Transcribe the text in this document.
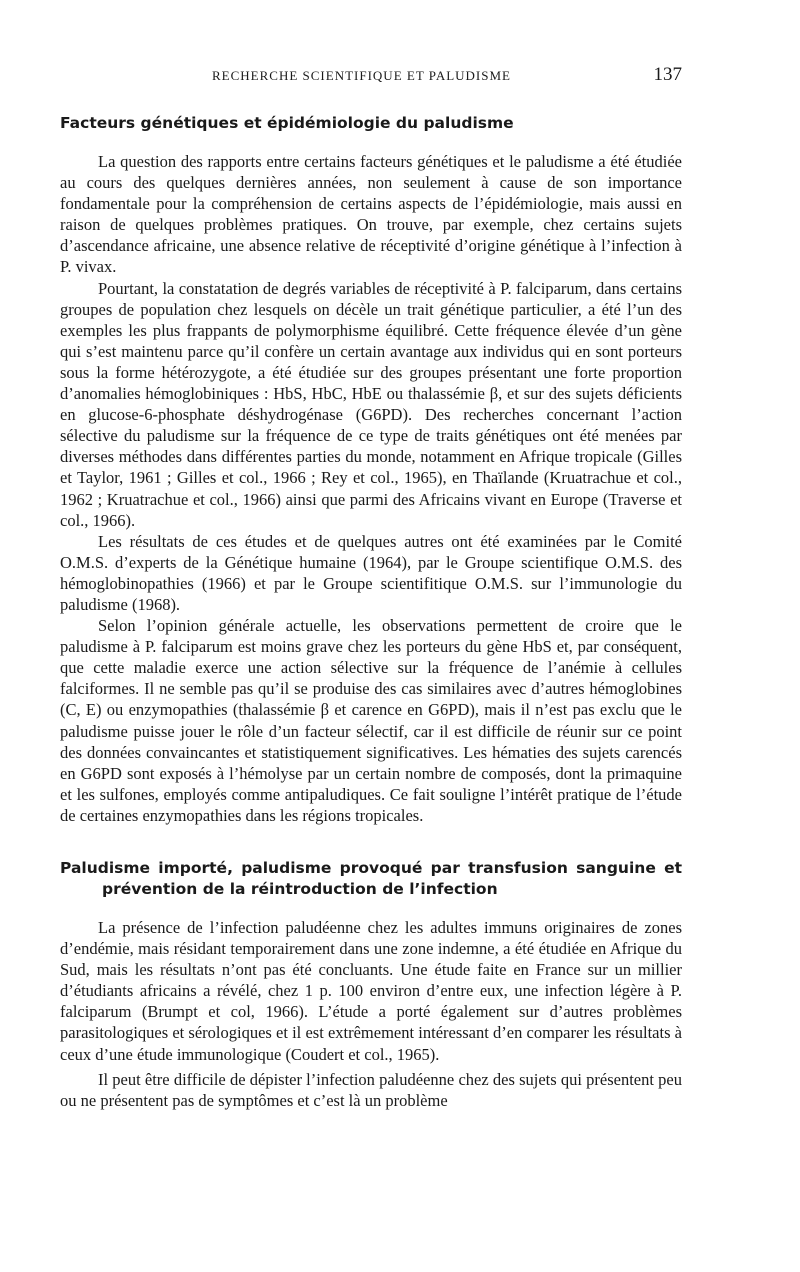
RECHERCHE SCIENTIFIQUE ET PALUDISME	137
Facteurs génétiques et épidémiologie du paludisme

La question des rapports entre certains facteurs génétiques et le paludisme a été étudiée au cours des quelques dernières années, non seulement à cause de son importance fondamentale pour la compréhension de certains aspects de l’épidémiologie, mais aussi en raison de quelques problèmes pratiques. On trouve, par exemple, chez certains sujets d’ascendance africaine, une absence relative de réceptivité d’origine génétique à l’infection à P. vivax.

Pourtant, la constatation de degrés variables de réceptivité à P. falciparum, dans certains groupes de population chez lesquels on décèle un trait génétique particulier, a été l’un des exemples les plus frappants de polymorphisme équilibré. Cette fréquence élevée d’un gène qui s’est maintenu parce qu’il confère un certain avantage aux individus qui en sont porteurs sous la forme hétérozygote, a été étudiée sur des groupes présentant une forte proportion d’anomalies hémoglobiniques : HbS, HbC, HbE ou thalassémie β, et sur des sujets déficients en glucose-6-phosphate déshydrogénase (G6PD). Des recherches concernant l’action sélective du paludisme sur la fréquence de ce type de traits génétiques ont été menées par diverses méthodes dans différentes parties du monde, notamment en Afrique tropicale (Gilles et Taylor, 1961 ; Gilles et col., 1966 ; Rey et col., 1965), en Thaïlande (Kruatrachue et col., 1962 ; Kruatrachue et col., 1966) ainsi que parmi des Africains vivant en Europe (Traverse et col., 1966).

Les résultats de ces études et de quelques autres ont été examinées par le Comité O.M.S. d’experts de la Génétique humaine (1964), par le Groupe scientifique O.M.S. des hémoglobinopathies (1966) et par le Groupe scientifitique O.M.S. sur l’immunologie du paludisme (1968).

Selon l’opinion générale actuelle, les observations permettent de croire que le paludisme à P. falciparum est moins grave chez les porteurs du gène HbS et, par conséquent, que cette maladie exerce une action sélective sur la fréquence de l’anémie à cellules falciformes. Il ne semble pas qu’il se produise des cas similaires avec d’autres hémoglobines (C, E) ou enzymopathies (thalassémie β et carence en G6PD), mais il n’est pas exclu que le paludisme puisse jouer le rôle d’un facteur sélectif, car il est difficile de réunir sur ce point des données convaincantes et statistiquement significatives. Les hématies des sujets carencés en G6PD sont exposés à l’hémolyse par un certain nombre de composés, dont la primaquine et les sulfones, employés comme antipaludiques. Ce fait souligne l’intérêt pratique de l’étude de certaines enzymopathies dans les régions tropicales.

Paludisme importé, paludisme provoqué par transfusion sanguine et prévention de la réintroduction de l’infection

La présence de l’infection paludéenne chez les adultes immuns originaires de zones d’endémie, mais résidant temporairement dans une zone indemne, a été étudiée en Afrique du Sud, mais les résultats n’ont pas été concluants. Une étude faite en France sur un millier d’étudiants africains a révélé, chez 1 p. 100 environ d’entre eux, une infection légère à P. falciparum (Brumpt et col, 1966). L’étude a porté également sur d’autres problèmes parasitologiques et sérologiques et il est extrêmement intéressant d’en comparer les résultats à ceux d’une étude immunologique (Coudert et col., 1965).

Il peut être difficile de dépister l’infection paludéenne chez des sujets qui présentent peu ou ne présentent pas de symptômes et c’est là un problème
